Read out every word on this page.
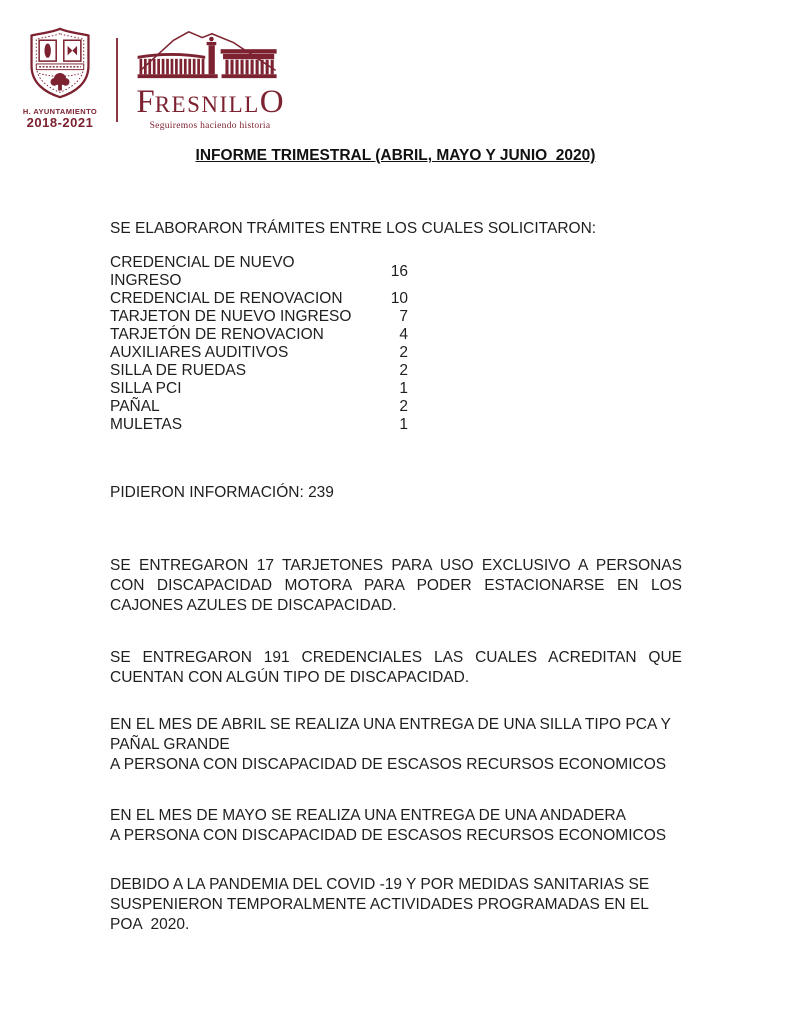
H. AYUNTAMIENTO
2018-2021
FRESNILLO
Seguiremos haciendo historia
INFORME TRIMESTRAL (ABRIL, MAYO Y JUNIO  2020)

SE ELABORARON TRÁMITES ENTRE LOS CUALES SOLICITARON:

CREDENCIAL DE NUEVO INGRESO	16
CREDENCIAL DE RENOVACION	10
TARJETON DE NUEVO INGRESO	7
TARJETÓN DE RENOVACION	4
AUXILIARES AUDITIVOS	2
SILLA DE RUEDAS	2
SILLA PCI	1
PAÑAL	2
MULETAS	1

PIDIERON INFORMACIÓN: 239

SE ENTREGARON 17 TARJETONES PARA USO EXCLUSIVO A PERSONAS
CON DISCAPACIDAD MOTORA PARA PODER ESTACIONARSE EN LOS
CAJONES AZULES DE DISCAPACIDAD.
SE ENTREGARON 191 CREDENCIALES LAS CUALES ACREDITAN QUE
CUENTAN CON ALGÚN TIPO DE DISCAPACIDAD.
EN EL MES DE ABRIL SE REALIZA UNA ENTREGA DE UNA SILLA TIPO PCA Y
PAÑAL GRANDE
A PERSONA CON DISCAPACIDAD DE ESCASOS RECURSOS ECONOMICOS
EN EL MES DE MAYO SE REALIZA UNA ENTREGA DE UNA ANDADERA
A PERSONA CON DISCAPACIDAD DE ESCASOS RECURSOS ECONOMICOS
DEBIDO A LA PANDEMIA DEL COVID -19 Y POR MEDIDAS SANITARIAS SE
SUSPENIERON TEMPORALMENTE ACTIVIDADES PROGRAMADAS EN EL
POA  2020.
